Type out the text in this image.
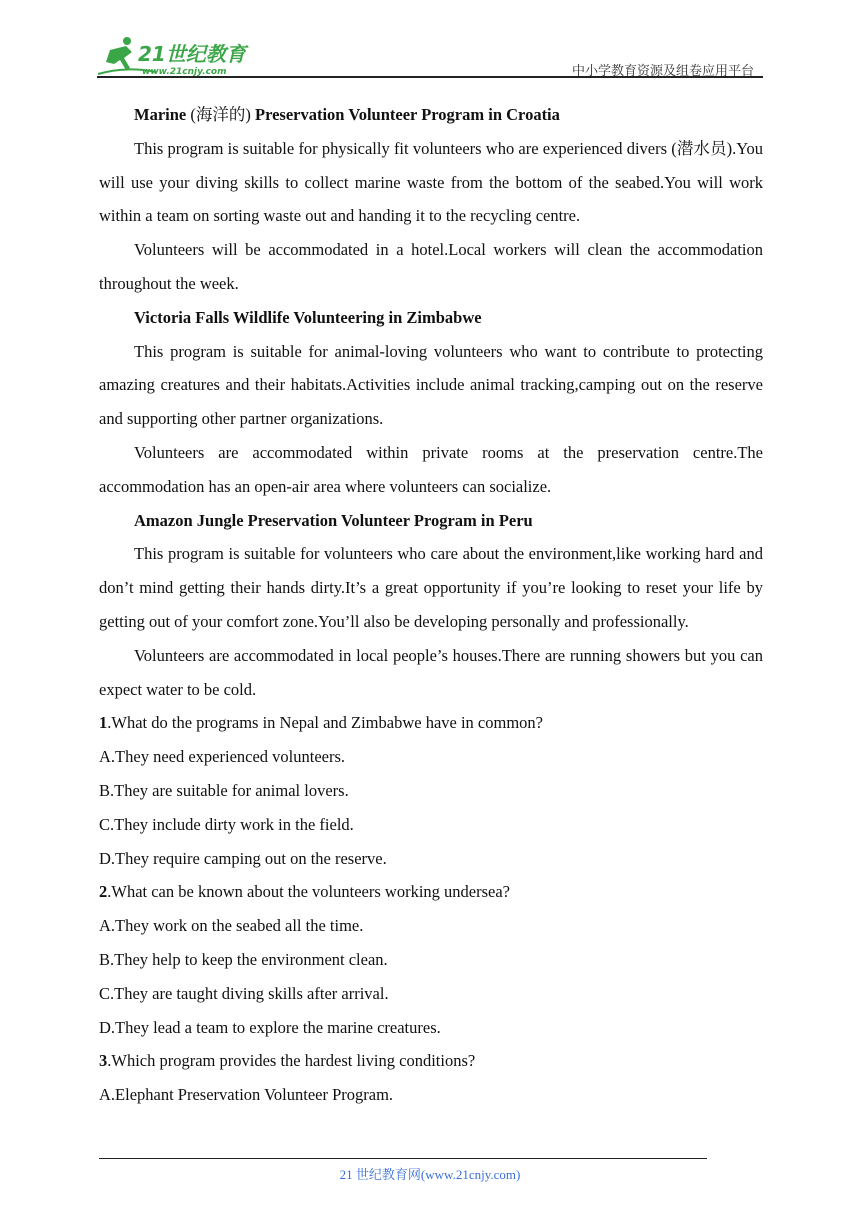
21世纪教育
www.21cnjy.com	中小学教育资源及组卷应用平台

Marine (海洋的) Preservation Volunteer Program in Croatia

This program is suitable for physically fit volunteers who are experienced divers (潜水员).You will use your diving skills to collect marine waste from the bottom of the seabed.You will work within a team on sorting waste out and handing it to the recycling centre.

Volunteers will be accommodated in a hotel.Local workers will clean the accommodation throughout the week.

Victoria Falls Wildlife Volunteering in Zimbabwe

This program is suitable for animal-loving volunteers who want to contribute to protecting amazing creatures and their habitats.Activities include animal tracking,camping out on the reserve and supporting other partner organizations.

Volunteers are accommodated within private rooms at the preservation centre.The accommodation has an open-air area where volunteers can socialize.

Amazon Jungle Preservation Volunteer Program in Peru

This program is suitable for volunteers who care about the environment,like working hard and don’t mind getting their hands dirty.It’s a great opportunity if you’re looking to reset your life by getting out of your comfort zone.You’ll also be developing personally and professionally.

Volunteers are accommodated in local people’s houses.There are running showers but you can expect water to be cold.

1.What do the programs in Nepal and Zimbabwe have in common?

A.They need experienced volunteers.

B.They are suitable for animal lovers.

C.They include dirty work in the field.

D.They require camping out on the reserve.

2.What can be known about the volunteers working undersea?

A.They work on the seabed all the time.

B.They help to keep the environment clean.

C.They are taught diving skills after arrival.

D.They lead a team to explore the marine creatures.

3.Which program provides the hardest living conditions?

A.Elephant Preservation Volunteer Program.

21 世纪教育网(www.21cnjy.com)
